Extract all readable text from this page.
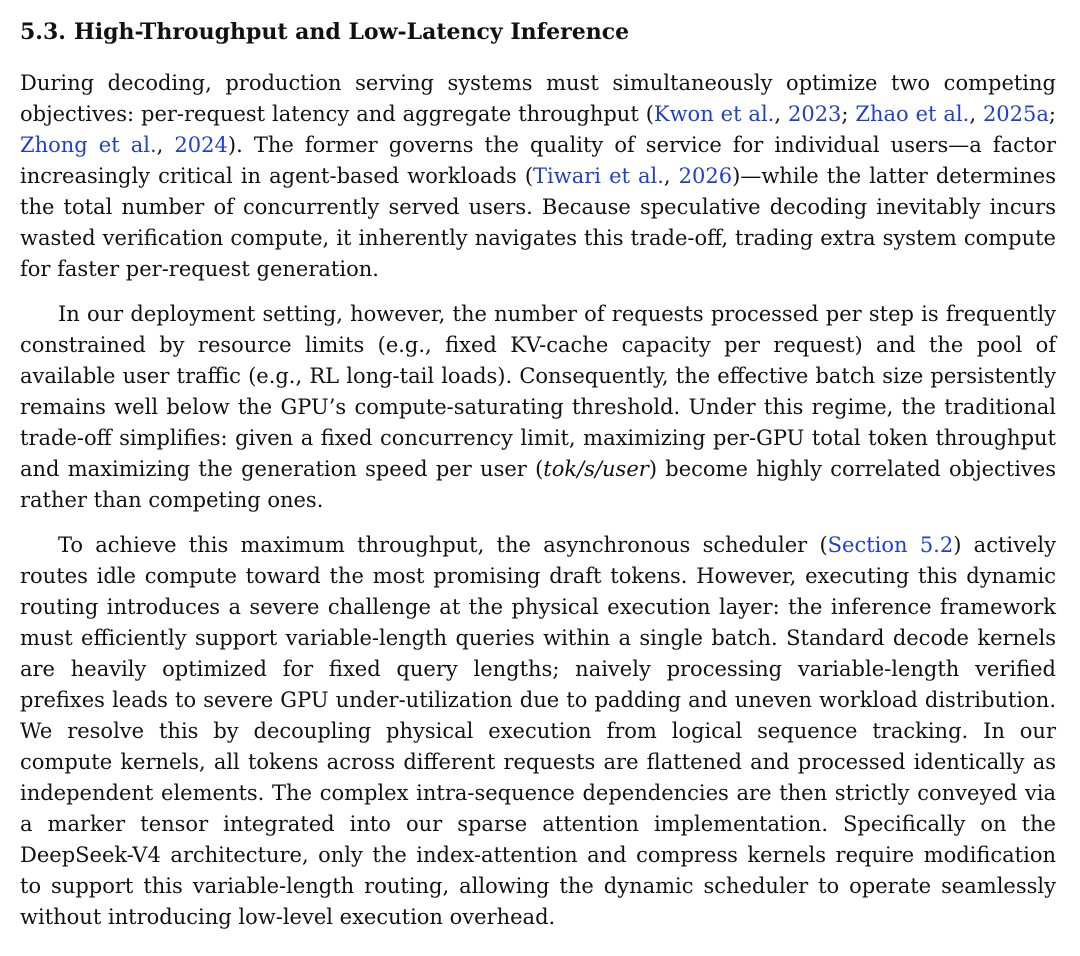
5.3. High-Throughput and Low-Latency Inference

During decoding, production serving systems must simultaneously optimize two competing objectives: per-request latency and aggregate throughput (Kwon et al., 2023; Zhao et al., 2025a; Zhong et al., 2024). The former governs the quality of service for individual users—a factor increasingly critical in agent-based workloads (Tiwari et al., 2026)—while the latter determines the total number of concurrently served users. Because speculative decoding inevitably incurs wasted verification compute, it inherently navigates this trade-off, trading extra system compute for faster per-request generation.

In our deployment setting, however, the number of requests processed per step is frequently constrained by resource limits (e.g., fixed KV-cache capacity per request) and the pool of available user traffic (e.g., RL long-tail loads). Consequently, the effective batch size persistently remains well below the GPU’s compute-saturating threshold. Under this regime, the traditional trade-off simplifies: given a fixed concurrency limit, maximizing per-GPU total token throughput and maximizing the generation speed per user (tok/s/user) become highly correlated objectives rather than competing ones.

To achieve this maximum throughput, the asynchronous scheduler (Section 5.2) actively routes idle compute toward the most promising draft tokens. However, executing this dynamic routing introduces a severe challenge at the physical execution layer: the inference framework must efficiently support variable-length queries within a single batch. Standard decode kernels are heavily optimized for fixed query lengths; naively processing variable-length verified prefixes leads to severe GPU under-utilization due to padding and uneven workload distribution. We resolve this by decoupling physical execution from logical sequence tracking. In our compute kernels, all tokens across different requests are flattened and processed identically as independent elements. The complex intra-sequence dependencies are then strictly conveyed via a marker tensor integrated into our sparse attention implementation. Specifically on the DeepSeek-V4 architecture, only the index-attention and compress kernels require modification to support this variable-length routing, allowing the dynamic scheduler to operate seamlessly without introducing low-level execution overhead.
